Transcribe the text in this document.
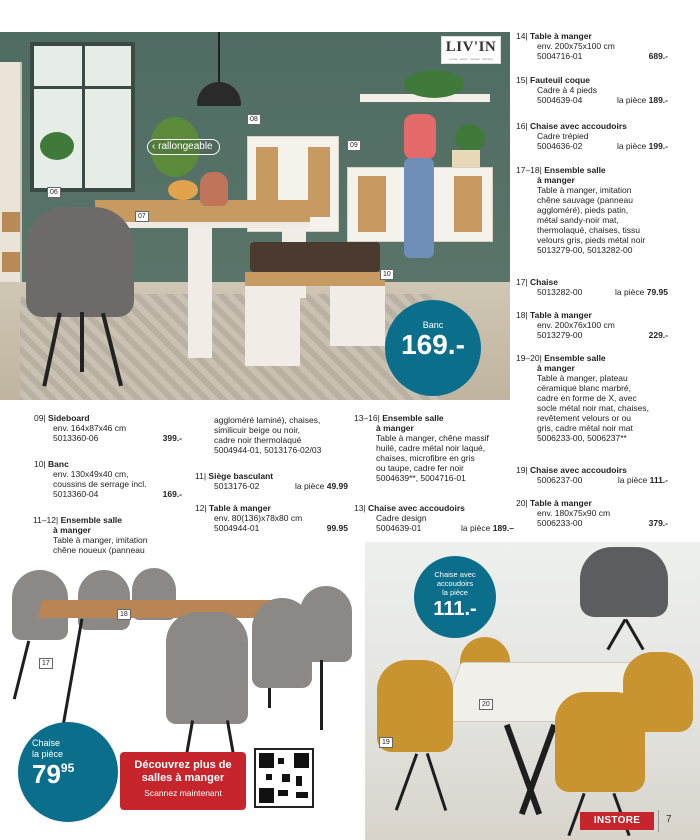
06
07
08
09
10
‹ rallongeable
LIV'IN
Living · Home · Design · Dinning
Banc
169.-
09| Sideboard
env. 164x87x46 cm
5013360-06	399.-
10| Banc
env. 130x49x40 cm,
coussins de serrage incl.
5013360-04	169.-
11–12| Ensemble salle
à manger
Table à manger, imitation
chêne noueux (panneau
aggloméré laminé), chaises,
similicuir beige ou noir,
cadre noir thermolaqué
5004944-01, 5013176-02/03
11| Siège basculant
5013176-02	la pièce 49.99
12| Table à manger
env. 80(136)x78x80 cm
5004944-01	99.95
13–16| Ensemble salle
à manger
Table à manger, chêne massif
huilé, cadre métal noir laqué,
chaises, microfibre en gris
ou taupe, cadre fer noir
5004639**, 5004716-01
13| Chaise avec accoudoirs
Cadre design
5004639-01	la pièce 189.–
14| Table à manger
env. 200x75x100 cm
5004716-01	689.-
15| Fauteuil coque
Cadre à 4 pieds
5004639-04	la pièce 189.-
16| Chaise avec accoudoirs
Cadre trépied
5004636-02	la pièce 199.-
17–18| Ensemble salle
à manger
Table à manger, imitation
chêne sauvage (panneau
aggloméré), pieds patin,
métal sandy-noir mat,
thermolaqué, chaises, tissu
velours gris, pieds métal noir
5013279-00, 5013282-00
17| Chaise
5013282-00	la pièce 79.95
18| Table à manger
env. 200x76x100 cm
5013279-00	229.-
19–20| Ensemble salle
à manger
Table à manger, plateau
céramique blanc marbré,
cadre en forme de X, avec
socle métal noir mat, chaises,
revêtement velours or ou
gris, cadre métal noir mat
5006233-00, 5006237**
19| Chaise avec accoudoirs
5006237-00	la pièce 111.-
20| Table à manger
env. 180x75x90 cm
5006233-00	379.-
17
18
19
20
Chaise avec
accoudoirs
la pièce
111.-
Chaise
la pièce
$79^{95}$	Découvrez plus de
salles à manger
Scannez maintenant
INSTORE	7
